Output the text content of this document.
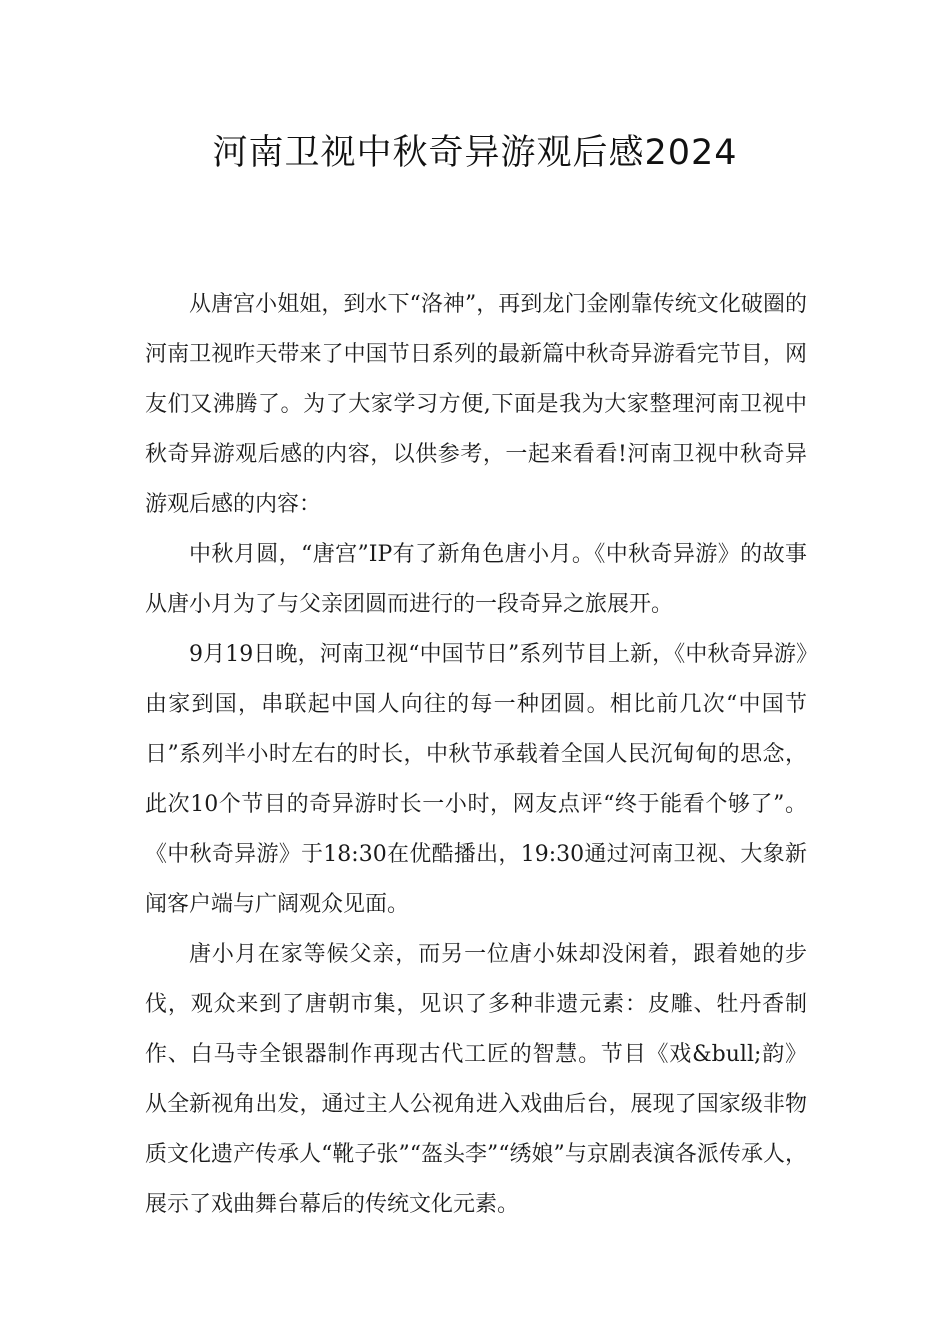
河南卫视中秋奇异游观后感2024

从唐宫小姐姐，到水下“洛神”，再到龙门金刚靠传统文化破圈的河南卫视昨天带来了中国节日系列的最新篇中秋奇异游看完节目，网友们又沸腾了。为了大家学习方便,下面是我为大家整理河南卫视中秋奇异游观后感的内容，以供参考，一起来看看!河南卫视中秋奇异游观后感的内容：

中秋月圆，“唐宫”IP有了新角色唐小月。《中秋奇异游》的故事从唐小月为了与父亲团圆而进行的一段奇异之旅展开。

9月19日晚，河南卫视“中国节日”系列节目上新，《中秋奇异游》由家到国，串联起中国人向往的每一种团圆。相比前几次“中国节日”系列半小时左右的时长，中秋节承载着全国人民沉甸甸的思念，此次10个节目的奇异游时长一小时，网友点评“终于能看个够了”。《中秋奇异游》于18:30在优酷播出，19:30通过河南卫视、大象新闻客户端与广阔观众见面。

唐小月在家等候父亲，而另一位唐小妹却没闲着，跟着她的步伐，观众来到了唐朝市集，见识了多种非遗元素：皮雕、牡丹香制作、白马寺全银器制作再现古代工匠的智慧。节目《戏&bull;韵》从全新视角出发，通过主人公视角进入戏曲后台，展现了国家级非物质文化遗产传承人“靴子张”“盔头李”“绣娘”与京剧表演各派传承人，展示了戏曲舞台幕后的传统文化元素。
